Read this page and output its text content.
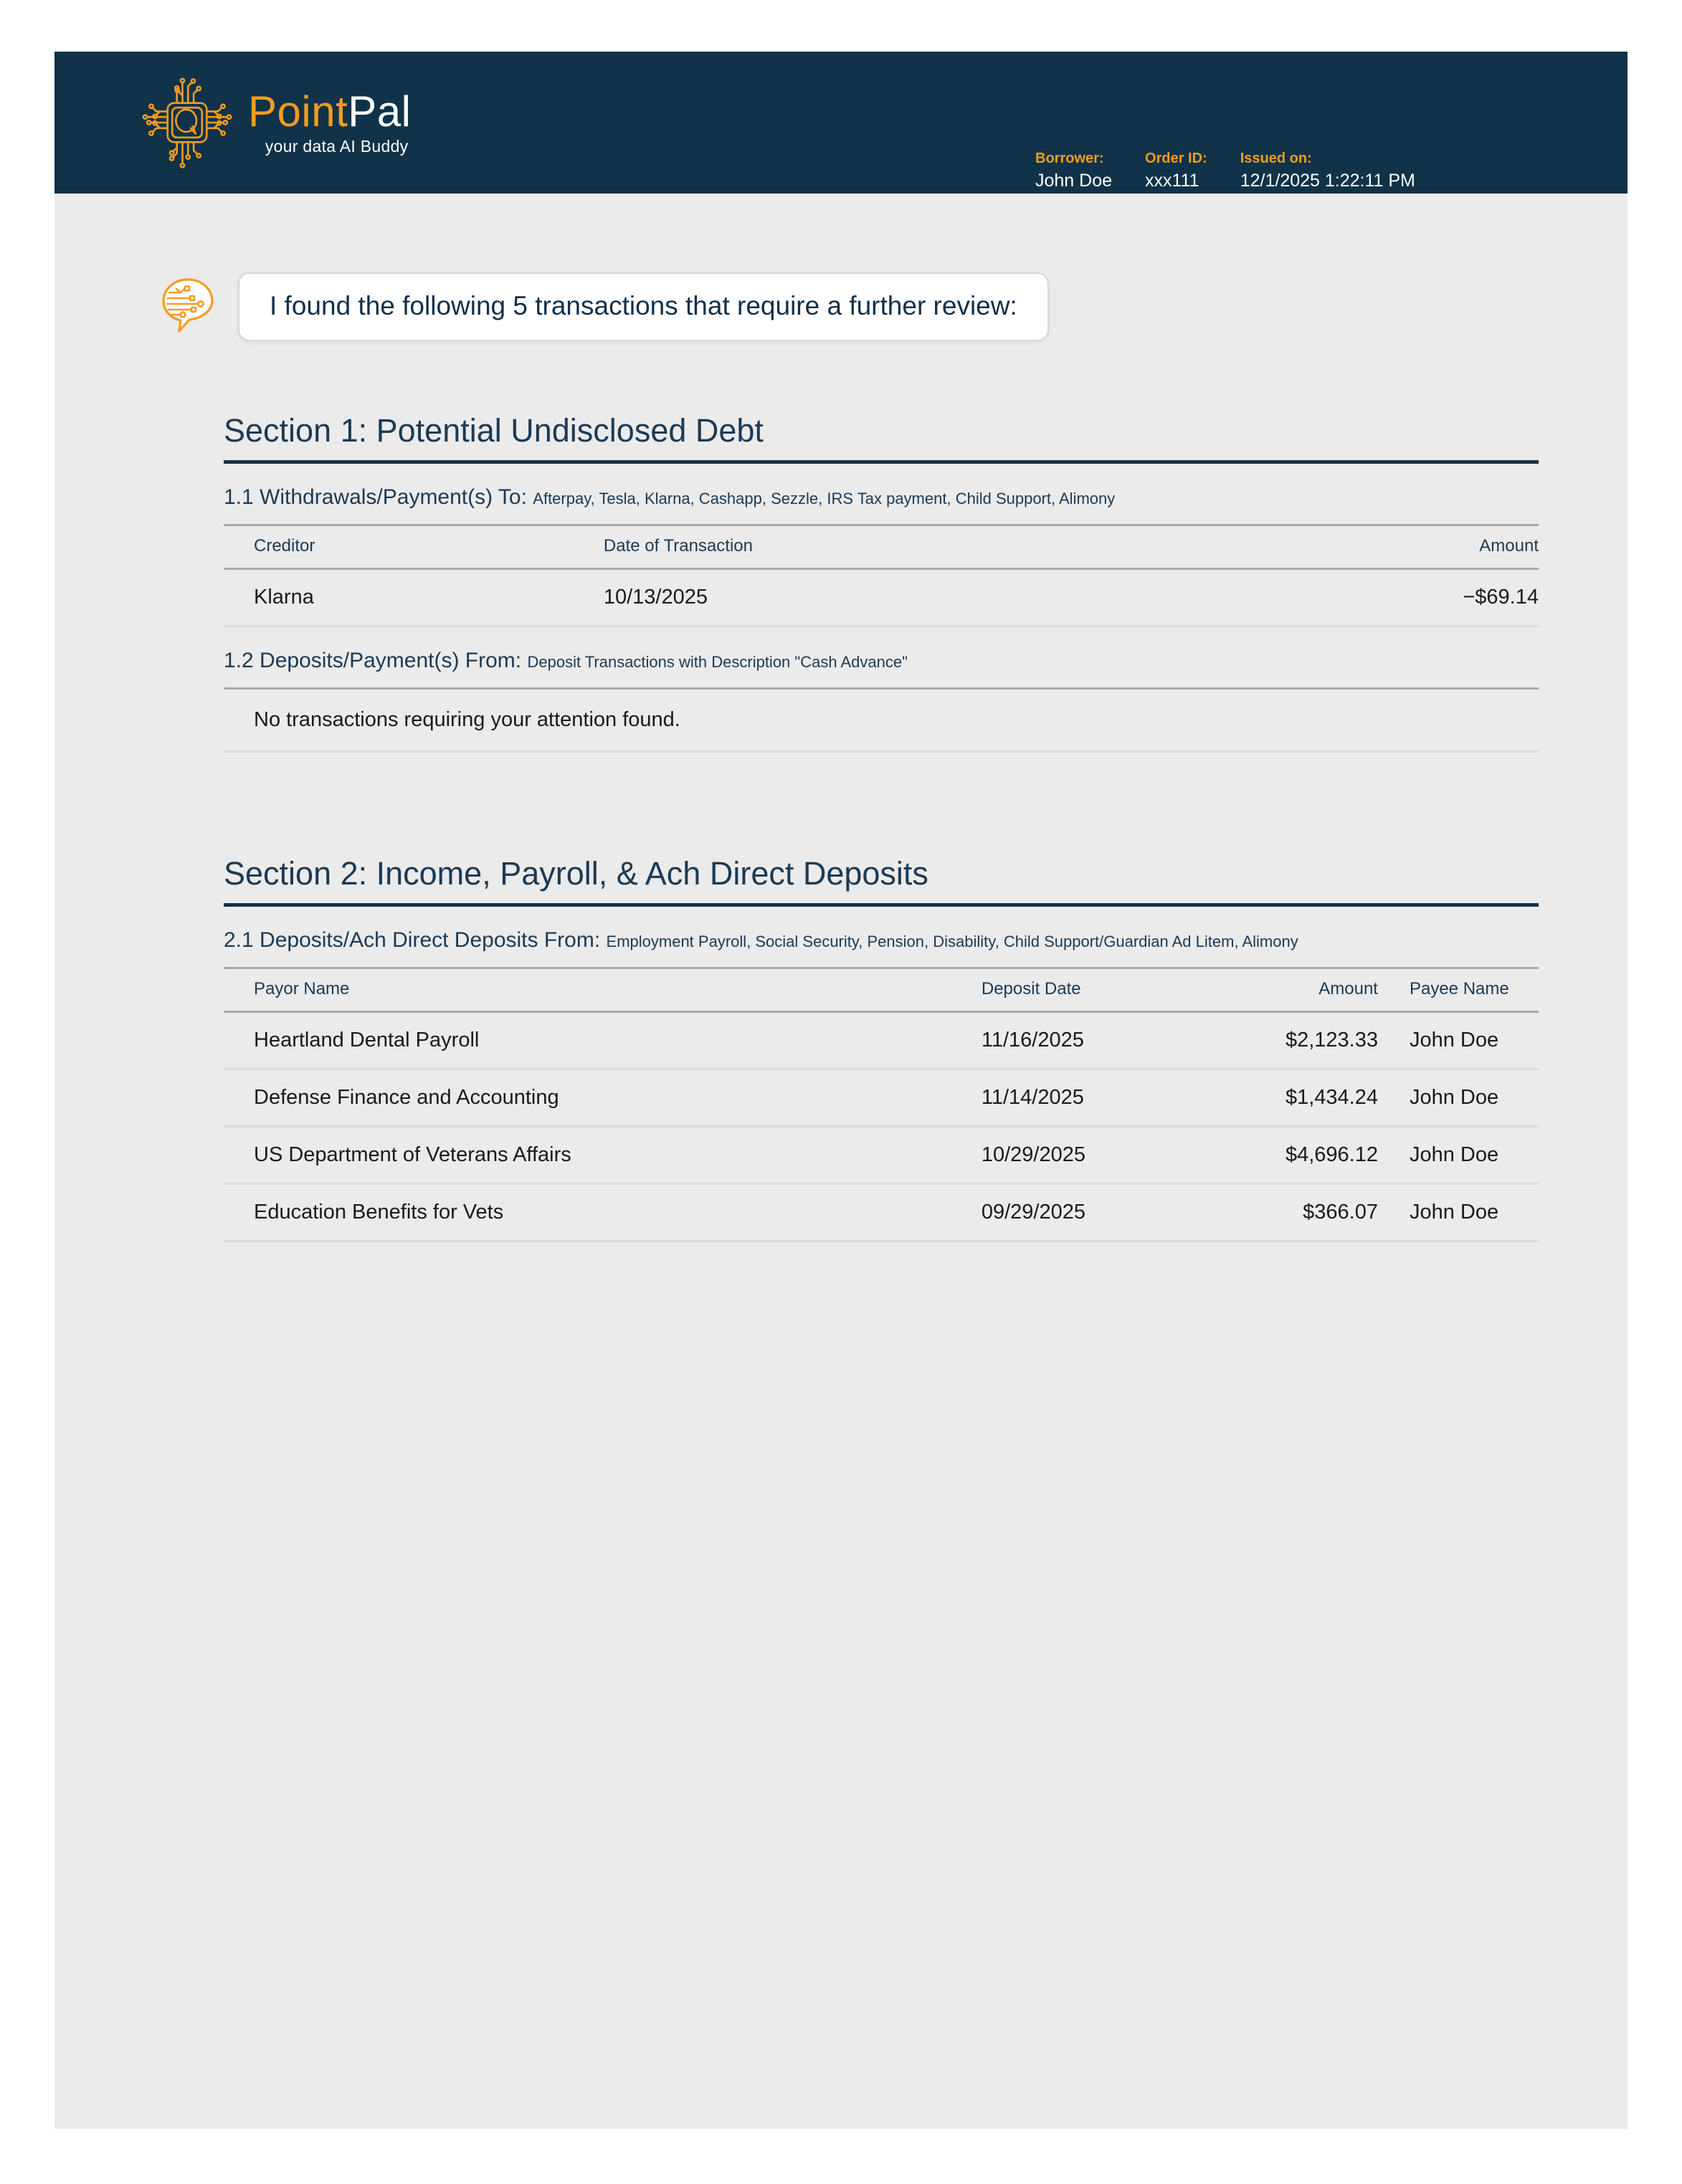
PointPal
your data AI Buddy
Borrower:
John Doe
Order ID:
xxx111
Issued on:
12/1/2025 1:22:11 PM
I found the following 5 transactions that require a further review:
Section 1: Potential Undisclosed Debt
1.1 Withdrawals/Payment(s) To: Afterpay, Tesla, Klarna, Cashapp, Sezzle, IRS Tax payment, Child Support, Alimony
Creditor	Date of Transaction	Amount
Klarna	10/13/2025	−$69.14
1.2 Deposits/Payment(s) From: Deposit Transactions with Description "Cash Advance"
No transactions requiring your attention found.
Section 2: Income, Payroll, & Ach Direct Deposits
2.1 Deposits/Ach Direct Deposits From: Employment Payroll, Social Security, Pension, Disability, Child Support/Guardian Ad Litem, Alimony
Payor Name	Deposit Date	Amount	Payee Name
Heartland Dental Payroll	11/16/2025	$2,123.33	John Doe
Defense Finance and Accounting	11/14/2025	$1,434.24	John Doe
US Department of Veterans Affairs	10/29/2025	$4,696.12	John Doe
Education Benefits for Vets	09/29/2025	$366.07	John Doe
